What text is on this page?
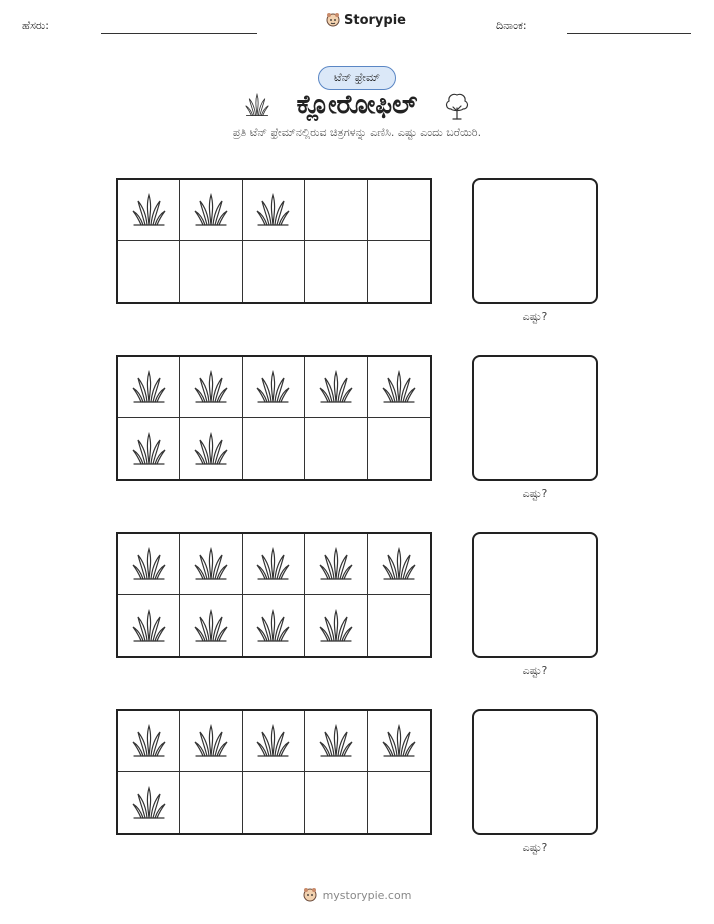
ಹೆಸರು:	Storypie	ದಿನಾಂಕ:
ಟೆನ್ ಫ್ರೇಮ್
ಕ್ಲೋರೋಫಿಲ್
ಪ್ರತಿ ಟೆನ್ ಫ್ರೇಮ್‌ನಲ್ಲಿರುವ ಚಿತ್ರಗಳನ್ನು ಎಣಿಸಿ. ಎಷ್ಟು ಎಂದು ಬರೆಯಿರಿ.
ಎಷ್ಟು?
ಎಷ್ಟು?
ಎಷ್ಟು?
ಎಷ್ಟು?
mystorypie.com
